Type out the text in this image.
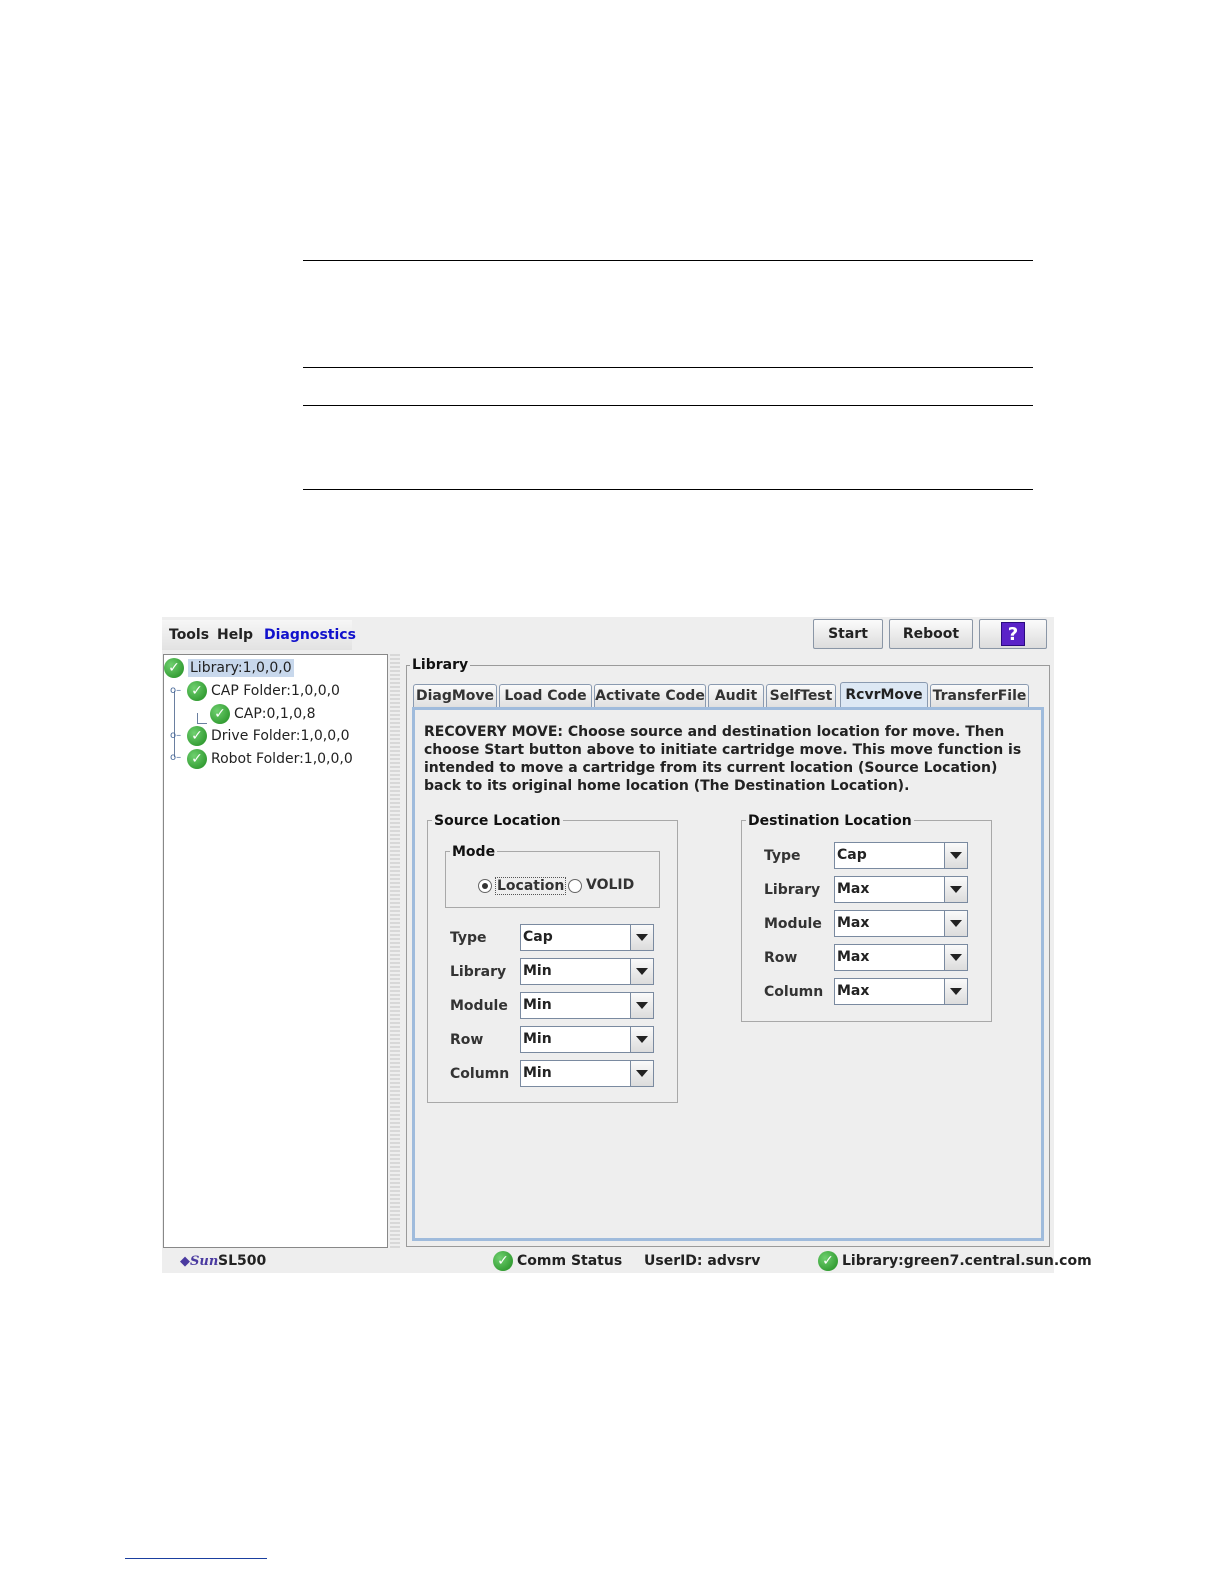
Tools Help Diagnostics	Start	Reboot	?
o–
o–
o–
✓ Library:1,0,0,0
✓ CAP Folder:1,0,0,0
✓ CAP:0,1,0,8
✓ Drive Folder:1,0,0,0
✓ Robot Folder:1,0,0,0
Library
DiagMove Load Code Activate Code Audit SelfTest RcvrMove TransferFile
RECOVERY MOVE: Choose source and destination location for move. Then choose Start button above to initiate cartridge move. This move function is intended to move a cartridge from its current location (Source Location) back to its original home location (The Destination Location).
Source Location
Mode
Location VOLID
Type	Cap
Library Min
Module Min
Row	Min
Column Min
Destination Location
Type	Cap
Library Max
Module Max
Row	Max
Column Max
◆ Sun SL500	✓ Comm Status UserID: advsrv	✓ Library:green7.central.sun.com
